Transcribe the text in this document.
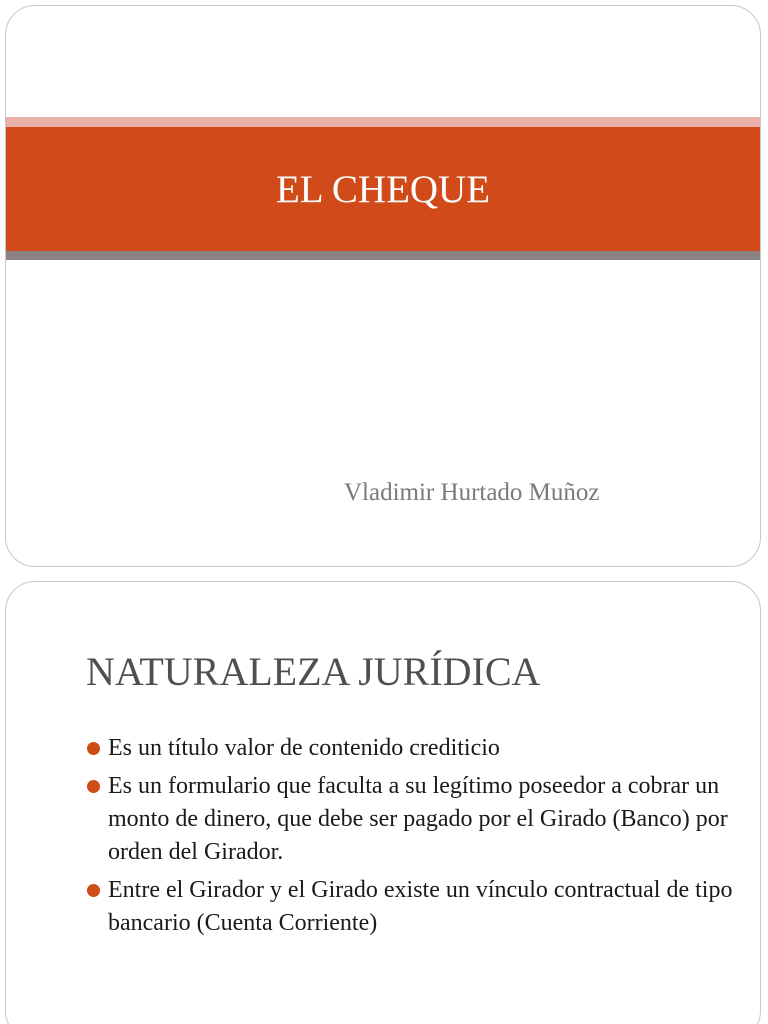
EL CHEQUE

Vladimir Hurtado Muñoz

NATURALEZA JURÍDICA
Es un título valor de contenido crediticio
Es un formulario que faculta a su legítimo poseedor a cobrar un monto de dinero, que debe ser pagado por el Girado (Banco) por orden del Girador.
Entre el Girador y el Girado existe un vínculo contractual de tipo bancario (Cuenta Corriente)
